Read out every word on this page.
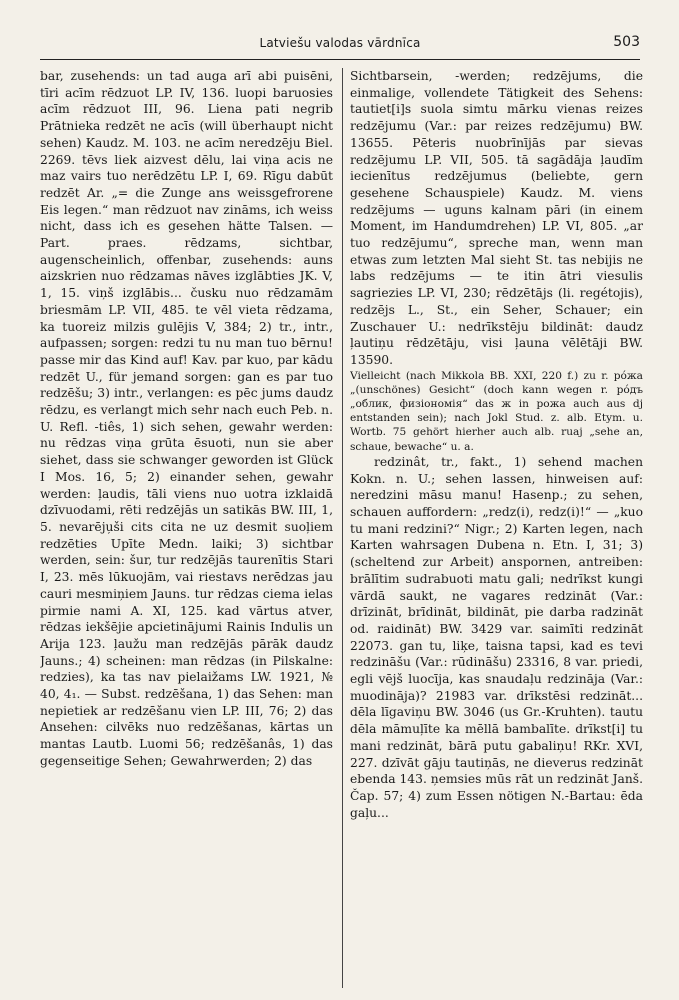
Latviešu valodas vārdnīca	503

bar, zusehends: un tad auga arī abi puisēni, tīri acīm rēdzuot LP. IV, 136. luopi baruosies acīm rēdzuot III, 96. Liena pati negrib Prātnieka redzēt ne acīs (will überhaupt nicht sehen) Kaudz. M. 103. ne acīm neredzēju Biel. 2269. tēvs liek aizvest dēlu, lai viņa acis ne maz vairs tuo nerēdzētu LP. I, 69. Rīgu dabūt redzēt Ar. „= die Zunge ans weissgefrorene Eis legen.“ man rēdzuot nav zināms, ich weiss nicht, dass ich es gesehen hätte Talsen. — Part. praes. rēdzams, sichtbar, augenscheinlich, offenbar, zusehends: auns aizskrien nuo rēdzamas nāves izglābties JK. V, 1, 15. viņš izglābis... čusku nuo rēdzamām briesmām LP. VII, 485. te vēl vieta rēdzama, ka tuoreiz milzis gulējis V, 384; 2) tr., intr., aufpassen; sorgen: redzi tu nu man tuo bērnu! passe mir das Kind auf! Kav. par kuo, par kādu redzēt U., für jemand sorgen: gan es par tuo redzēšu; 3) intr., verlangen: es pēc jums daudz rēdzu, es verlangt mich sehr nach euch Peb. n. U. Refl. -tiês, 1) sich sehen, gewahr werden: nu rēdzas viņa grūta ēsuoti, nun sie aber siehet, dass sie schwanger geworden ist Glück I Mos. 16, 5; 2) einander sehen, gewahr werden: ļaudis, tāli viens nuo uotra izklaidā dzīvuodami, rēti redzējās un satikās BW. III, 1, 5. nevarēju̦ši cits cita ne uz desmit suoļiem redzēties Upīte Medn. laiki; 3) sichtbar werden, sein: šur, tur redzējās taurenītis Stari I, 23. mēs lūkuojām, vai riestavs nerēdzas jau cauri mesmiņiem Jauns. tur rēdzas ciema ielas pirmie nami A. XI, 125. kad vārtus atver, rēdzas iekšējie apcietinājumi Rainis Indulis un Arija 123. ļaužu man redzējās pārāk daudz Jauns.; 4) scheinen: man rēdzas (in Pilskalne: redzies), ka tas nav pielaižams LW. 1921, № 40, 4₁. — Subst. redzēšana, 1) das Sehen: man nepietiek ar redzēšanu vien LP. III, 76; 2) das Ansehen: cilvēks nuo redzēšanas, kārtas un mantas Lautb. Luomi 56; redzēšanâs, 1) das gegenseitige Sehen; Gewahrwerden; 2) das

Sichtbarsein, -werden; redzējums, die einmalige, vollendete Tätigkeit des Sehens: tautiet[i]s suola simtu mārku vienas reizes redzējumu (Var.: par reizes redzējumu) BW. 13655. Pēteris nuobrīnījās par sievas redzējumu LP. VII, 505. tā sagādāja ļaudīm iecienītus redzējumus (beliebte, gern gesehene Schauspiele) Kaudz. M. viens redzējums — uguns kalnam pāri (in einem Moment, im Handumdrehen) LP. VI, 805. „ar tuo redzējumu“, spreche man, wenn man etwas zum letzten Mal sieht St. tas nebijis ne labs redzējums — te itin ātri viesulis sagriezies LP. VI, 230; rēdzētājs (li. regétojis), redzējs L., St., ein Seher, Schauer; ein Zuschauer U.: nedrīkstēju bildināt: daudz ļautiņu rēdzētāju, visi ļauna vēlētāji BW. 13590.

Vielleicht (nach Mikkola BB. XXI, 220 f.) zu r. ро́жа „(unschönes) Gesicht“ (doch kann wegen r. ро́дъ „облик, физіономія“ das ж in рожа auch aus dj entstanden sein); nach Jokl Stud. z. alb. Etym. u. Wortb. 75 gehört hierher auch alb. ruaj „sehe an, schaue, bewache“ u. a.

redzinât, tr., fakt., 1) sehend machen Kokn. n. U.; sehen lassen, hinweisen auf: neredzini māsu manu! Hasenp.; zu sehen, schauen auffordern: „redz(i), redz(i)!“ — „kuo tu mani redzini?“ Nigr.; 2) Karten legen, nach Karten wahrsagen Dubena n. Etn. I, 31; 3) (scheltend zur Arbeit) anspornen, antreiben: brālītim sudrabuoti matu gali; nedrīkst kungi vārdā saukt, ne vagares redzināt (Var.: drīzināt, brīdināt, bildināt, pie darba radzināt od. raidināt) BW. 3429 var. saimīti redzināt 22073. gan tu, liķe, taisna tapsi, kad es tevi redzināšu (Var.: rūdināšu) 23316, 8 var. priedi, egli vējš luocīja, kas snaudaļu redzināja (Var.: muodināja)? 21983 var. drīkstēsi redzināt... dēla līgaviņu BW. 3046 (us Gr.-Kruhten). tautu dēla māmuļīte ka mēllā bambalīte. drīkst[i] tu mani redzināt, bārā putu gabaliņu! RKr. XVI, 227. dzīvāt gāju tautiņās, ne dieverus redzināt ebenda 143. ņemsies mūs rāt un redzināt Janš. Čap. 57; 4) zum Essen nötigen N.-Bartau: ēda gaļu...
